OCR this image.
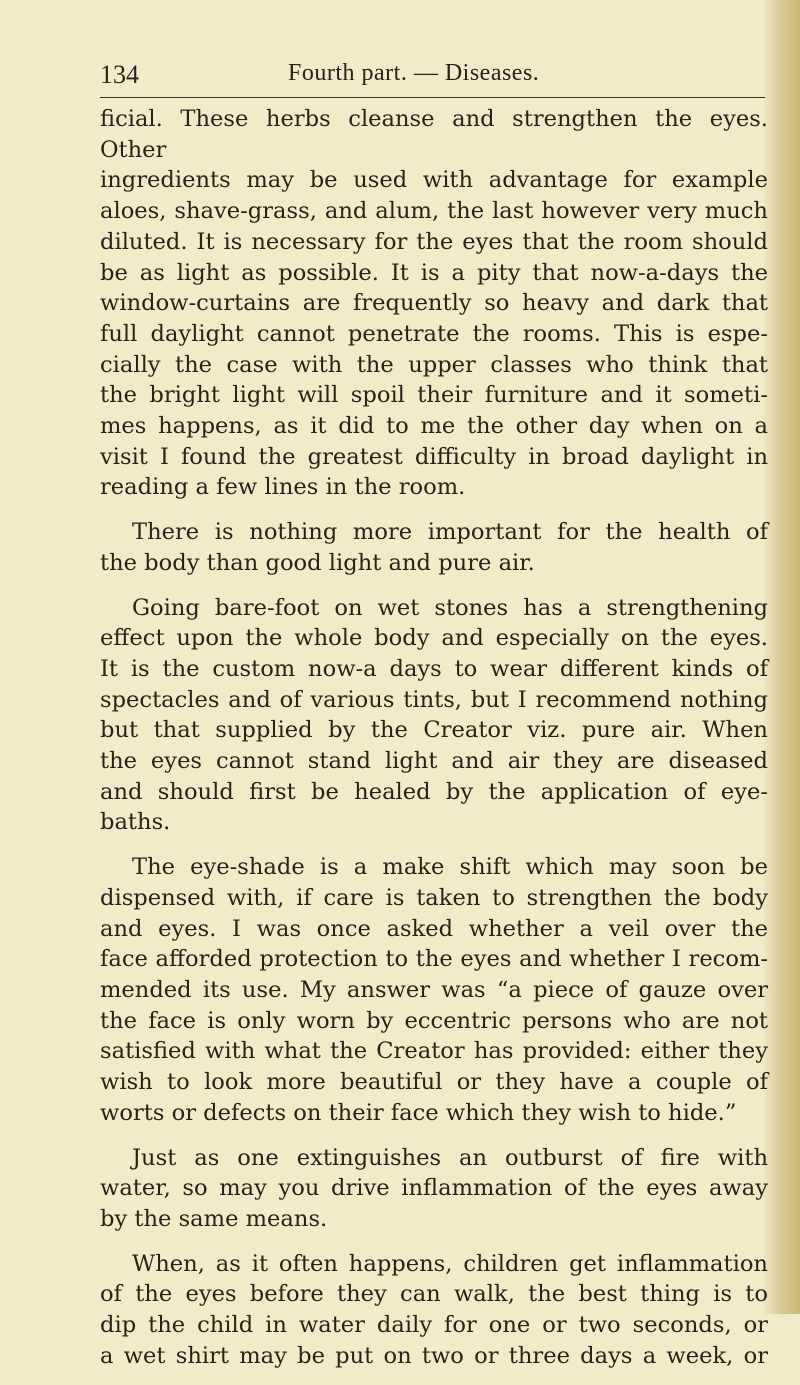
134	Fourth part. — Diseases.
ficial. These herbs cleanse and strengthen the eyes. Other
ingredients may be used with advantage for example
aloes, shave-grass, and alum, the last however very much
diluted. It is necessary for the eyes that the room should
be as light as possible. It is a pity that now-a-days the
window-curtains are frequently so heavy and dark that
full daylight cannot penetrate the rooms. This is espe-
cially the case with the upper classes who think that
the bright light will spoil their furniture and it someti-
mes happens, as it did to me the other day when on a
visit I found the greatest difficulty in broad daylight in
reading a few lines in the room.
There is nothing more important for the health of
the body than good light and pure air.
Going bare-foot on wet stones has a strengthening
effect upon the whole body and especially on the eyes.
It is the custom now-a days to wear different kinds of
spectacles and of various tints, but I recommend nothing
but that supplied by the Creator viz. pure air. When
the eyes cannot stand light and air they are diseased
and should first be healed by the application of eye-
baths.
The eye-shade is a make shift which may soon be
dispensed with, if care is taken to strengthen the body
and eyes. I was once asked whether a veil over the
face afforded protection to the eyes and whether I recom-
mended its use. My answer was “a piece of gauze over
the face is only worn by eccentric persons who are not
satisfied with what the Creator has provided: either they
wish to look more beautiful or they have a couple of
worts or defects on their face which they wish to hide.”
Just as one extinguishes an outburst of fire with
water, so may you drive inflammation of the eyes away
by the same means.
When, as it often happens, children get inflammation
of the eyes before they can walk, the best thing is to
dip the child in water daily for one or two seconds, or
a wet shirt may be put on two or three days a week, or
